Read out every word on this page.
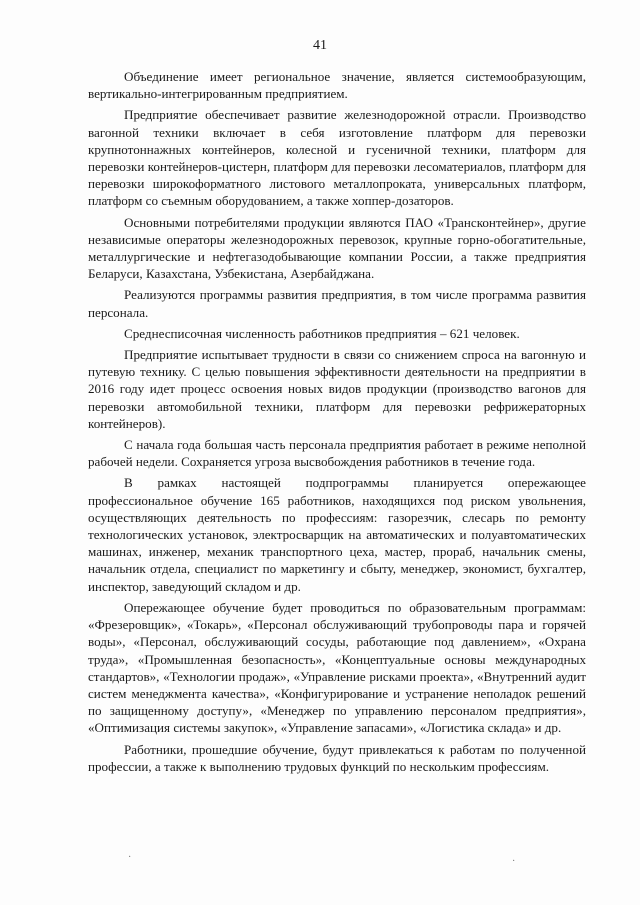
41

Объединение имеет региональное значение, является системообразующим, вертикально-интегрированным предприятием.

Предприятие обеспечивает развитие железнодорожной отрасли. Производство вагонной техники включает в себя изготовление платформ для перевозки крупнотоннажных контейнеров, колесной и гусеничной техники, платформ для перевозки контейнеров-цистерн, платформ для перевозки лесоматериалов, платформ для перевозки широкоформатного листового металлопроката, универсальных платформ, платформ со съемным оборудованием, а также хоппер-дозаторов.

Основными потребителями продукции являются ПАО «Трансконтейнер», другие независимые операторы железнодорожных перевозок, крупные горно-обогатительные, металлургические и нефтегазодобывающие компании России, а также предприятия Беларуси, Казахстана, Узбекистана, Азербайджана.

Реализуются программы развития предприятия, в том числе программа развития персонала.

Среднесписочная численность работников предприятия – 621 человек.

Предприятие испытывает трудности в связи со снижением спроса на вагонную и путевую технику. С целью повышения эффективности деятельности на предприятии в 2016 году идет процесс освоения новых видов продукции (производство вагонов для перевозки автомобильной техники, платформ для перевозки рефрижераторных контейнеров).

С начала года большая часть персонала предприятия работает в режиме неполной рабочей недели. Сохраняется угроза высвобождения работников в течение года.

В рамках настоящей подпрограммы планируется опережающее профессиональное обучение 165 работников, находящихся под риском увольнения, осуществляющих деятельность по профессиям: газорезчик, слесарь по ремонту технологических установок, электросварщик на автоматических и полуавтоматических машинах, инженер, механик транспортного цеха, мастер, прораб, начальник смены, начальник отдела, специалист по маркетингу и сбыту, менеджер, экономист, бухгалтер, инспектор, заведующий складом и др.

Опережающее обучение будет проводиться по образовательным программам: «Фрезеровщик», «Токарь», «Персонал обслуживающий трубопроводы пара и горячей воды», «Персонал, обслуживающий сосуды, работающие под давлением», «Охрана труда», «Промышленная безопасность», «Концептуальные основы международных стандартов», «Технологии продаж», «Управление рисками проекта», «Внутренний аудит систем менеджмента качества», «Конфигурирование и устранение неполадок решений по защищенному доступу», «Менеджер по управлению персоналом предприятия», «Оптимизация системы закупок», «Управление запасами», «Логистика склада» и др.

Работники, прошедшие обучение, будут привлекаться к работам по полученной профессии, а также к выполнению трудовых функций по нескольким профессиям.

·	·
